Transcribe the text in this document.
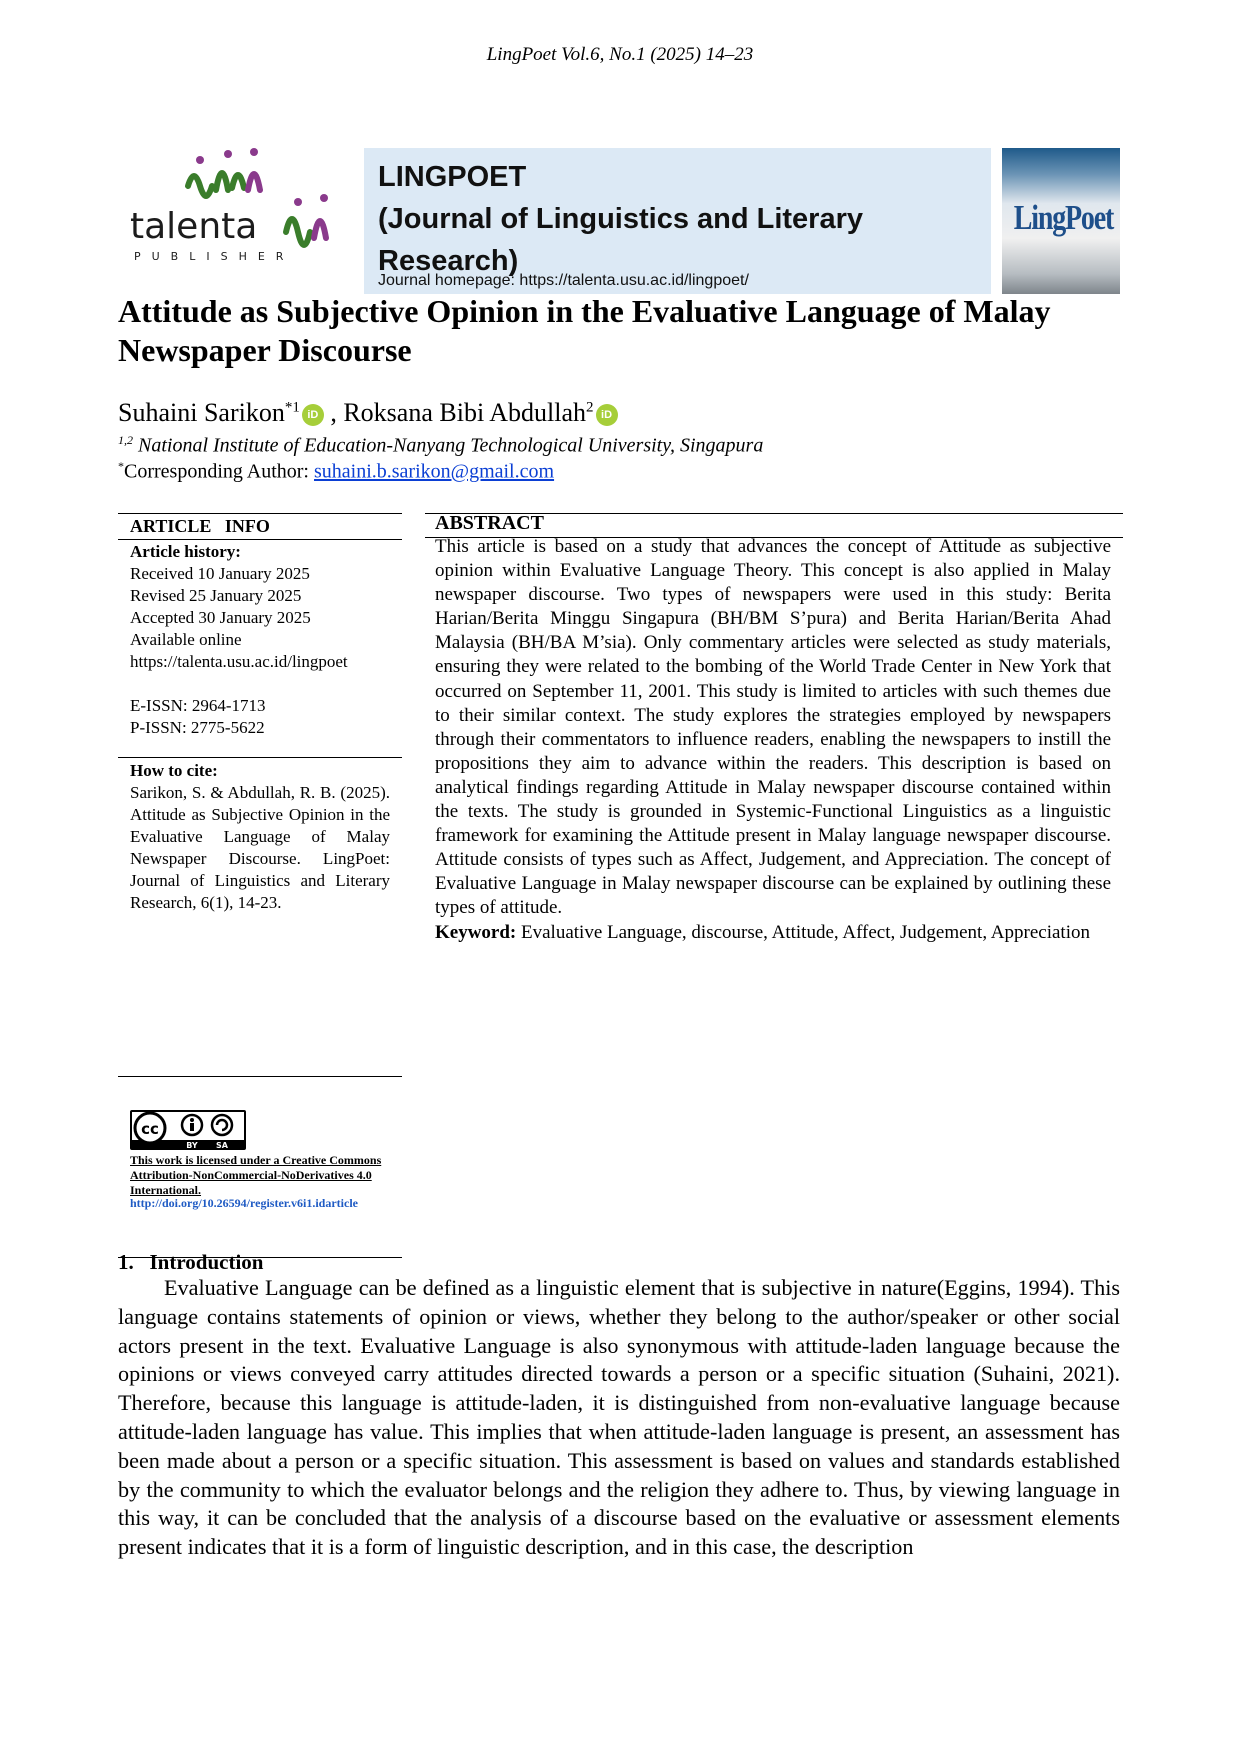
LingPoet Vol.6, No.1 (2025) 14–23
talenta
PUBLISHER
LINGPOET
(Journal of Linguistics and Literary
Research)
Journal homepage: https://talenta.usu.ac.id/lingpoet/
LingPoet
Attitude as Subjective Opinion in the Evaluative Language of Malay Newspaper Discourse
Suhaini Sarikon$^{*1}$ iD , Roksana Bibi Abdullah$^2$ iD
$^{1,2}$ National Institute of Education-Nanyang Technological University, Singapura
*Corresponding Author: suhaini.b.sarikon@gmail.com
ARTICLE   INFO
Article history:
Received 10 January 2025
Revised 25 January 2025
Accepted 30 January 2025
Available online
https://talenta.usu.ac.id/lingpoet
E-ISSN: 2964-1713
P-ISSN: 2775-5622
How to cite:
Sarikon, S. & Abdullah, R. B. (2025). Attitude as Subjective Opinion in the Evaluative Language of Malay Newspaper Discourse. LingPoet: Journal of Linguistics and Literary Research, 6(1), 14-23.
cc
BY SA
This work is licensed under a Creative Commons Attribution-NonCommercial-NoDerivatives 4.0 International.
http://doi.org/10.26594/register.v6i1.idarticle
ABSTRACT
This article is based on a study that advances the concept of Attitude as subjective opinion within Evaluative Language Theory. This concept is also applied in Malay newspaper discourse. Two types of newspapers were used in this study: Berita Harian/Berita Minggu Singapura (BH/BM S’pura) and Berita Harian/Berita Ahad Malaysia (BH/BA M’sia). Only commentary articles were selected as study materials, ensuring they were related to the bombing of the World Trade Center in New York that occurred on September 11, 2001. This study is limited to articles with such themes due to their similar context. The study explores the strategies employed by newspapers through their commentators to influence readers, enabling the newspapers to instill the propositions they aim to advance within the readers. This description is based on analytical findings regarding Attitude in Malay newspaper discourse contained within the texts. The study is grounded in Systemic-Functional Linguistics as a linguistic framework for examining the Attitude present in Malay language newspaper discourse. Attitude consists of types such as Affect, Judgement, and Appreciation. The concept of Evaluative Language in Malay newspaper discourse can be explained by outlining these types of attitude.
Keyword: Evaluative Language, discourse, Attitude, Affect, Judgement, Appreciation
1.   Introduction
Evaluative Language can be defined as a linguistic element that is subjective in nature(Eggins, 1994). This language contains statements of opinion or views, whether they belong to the author/speaker or other social actors present in the text. Evaluative Language is also synonymous with attitude-laden language because the opinions or views conveyed carry attitudes directed towards a person or a specific situation (Suhaini, 2021). Therefore, because this language is attitude-laden, it is distinguished from non-evaluative language because attitude-laden language has value. This implies that when attitude-laden language is present, an assessment has been made about a person or a specific situation. This assessment is based on values and standards established by the community to which the evaluator belongs and the religion they adhere to. Thus, by viewing language in this way, it can be concluded that the analysis of a discourse based on the evaluative or assessment elements present indicates that it is a form of linguistic description, and in this case, the description
